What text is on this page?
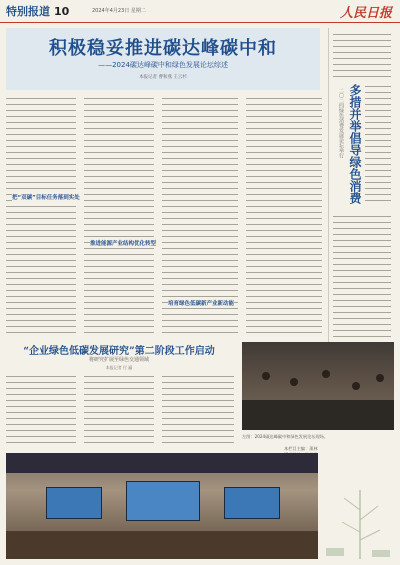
特别报道 10	2024年4月23日 星期二	人民日报
积极稳妥推进碳达峰碳中和
——2024碳达峰碳中和绿色发展论坛综述
本报记者 曹和燕 王云杉
把“双碳”目标任务落到实处
推进能源产业结构优化转型
培育绿色低碳新产业新动能
多措并举倡导绿色消费
二〇二四绿色消费发展论坛举行
“企业绿色低碳发展研究”第二阶段工作启动
将研究扩展至绿色交通领域
本报记者 付 瀛
左图：2024碳达峰碳中和绿色发展论坛现场。
本栏目主编：萧林
